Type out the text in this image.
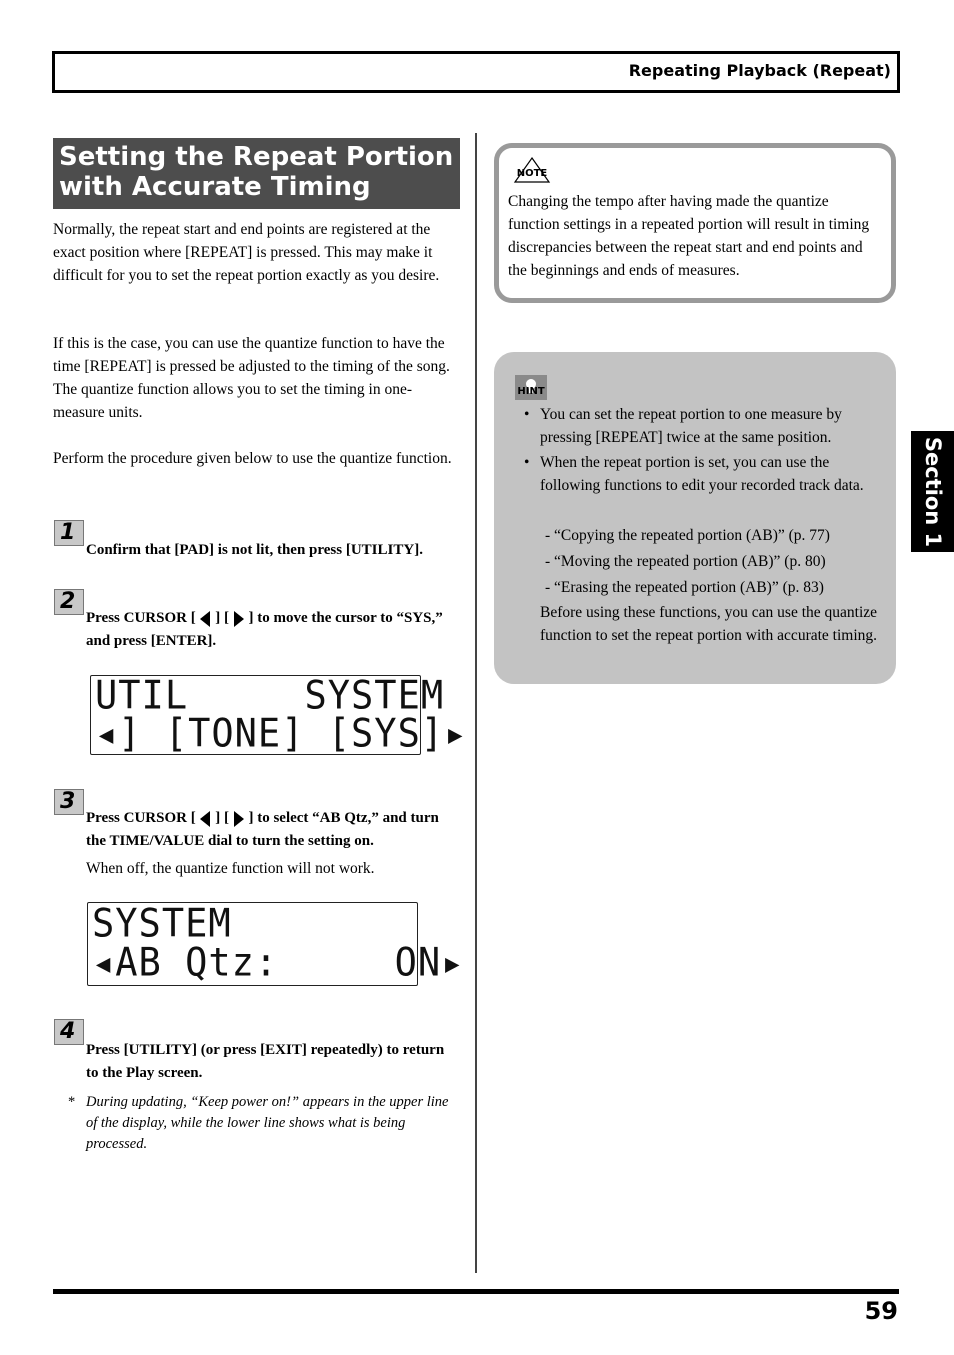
Repeating Playback (Repeat)
Setting the Repeat Portion with Accurate Timing

Normally, the repeat start and end points are registered at the exact position where [REPEAT] is pressed. This may make it difficult for you to set the repeat portion exactly as you desire.

If this is the case, you can use the quantize function to have the time [REPEAT] is pressed be adjusted to the timing of the song. The quantize function allows you to set the timing in one-measure units.

Perform the procedure given below to use the quantize function.

1

Confirm that [PAD] is not lit, then press [UTILITY].

2

Press CURSOR [ ] [ ] to move the cursor to “SYS,” and press [ENTER].

UTIL     SYSTEM
◂] [TONE] [SYS]▸
3

Press CURSOR [ ] [ ] to select “AB Qtz,” and turn the TIME/VALUE dial to turn the setting on.

When off, the quantize function will not work.

SYSTEM
◂AB Qtz:     ON▸
4

Press [UTILITY] (or press [EXIT] repeatedly) to return to the Play screen.

* During updating, “Keep power on!” appears in the upper line of the display, while the lower line shows what is being processed.
NOTE

Changing the tempo after having made the quantize function settings in a repeated portion will result in timing discrepancies between the repeat start and end points and the beginnings and ends of measures.

HINT
• You can set the repeat portion to one measure by pressing [REPEAT] twice at the same position.
• When the repeat portion is set, you can use the following functions to edit your recorded track data.

- “Copying the repeated portion (AB)” (p. 77)

- “Moving the repeated portion (AB)” (p. 80)

- “Erasing the repeated portion (AB)” (p. 83)

Before using these functions, you can use the quantize function to set the repeat portion with accurate timing.

Section 1
59
